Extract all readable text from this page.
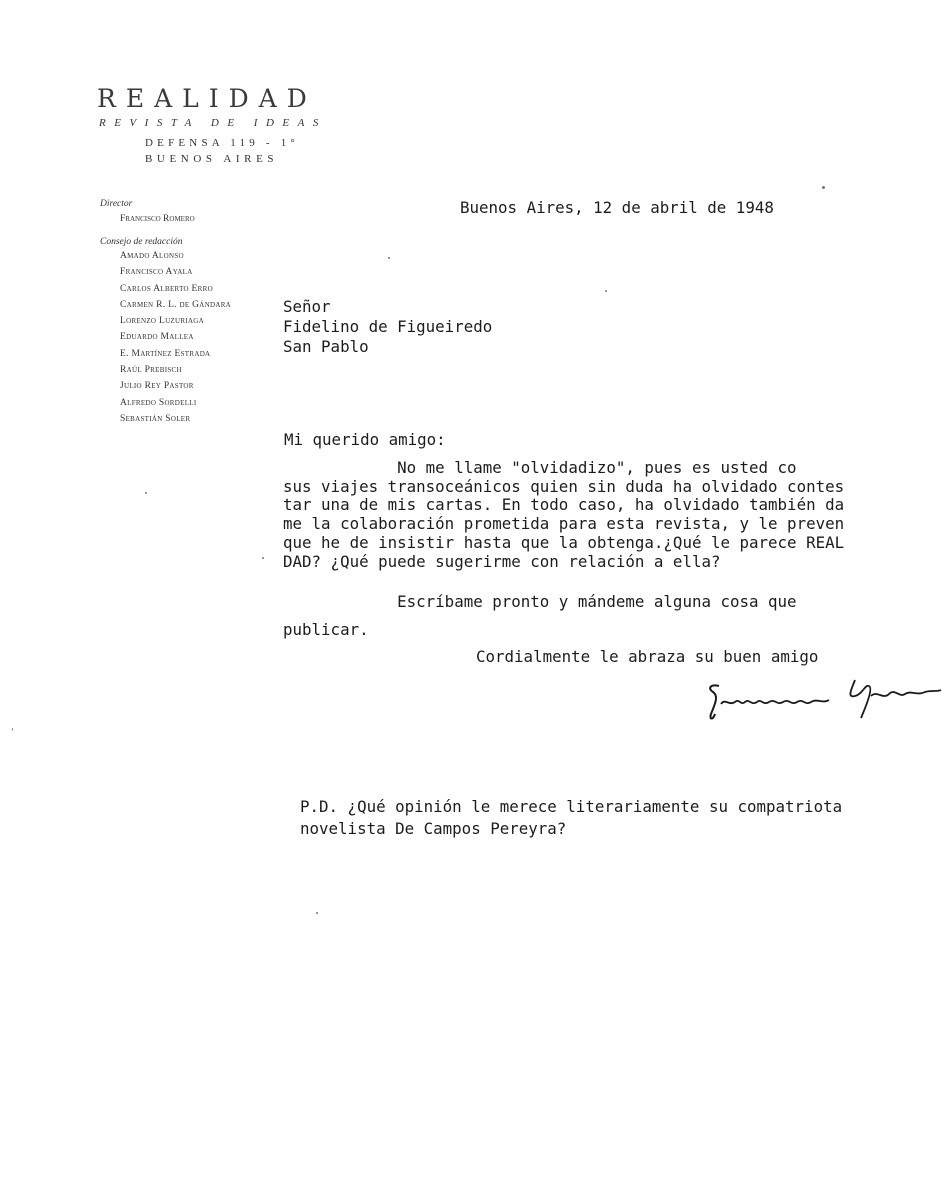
REALIDAD
REVISTA DE IDEAS
DEFENSA 119 - 1°
BUENOS AIRES
Director
Francisco Romero
Consejo de redacción
Amado Alonso
Francisco Ayala
Carlos Alberto Erro
Carmen R. L. de Gándara
Lorenzo Luzuriaga
Eduardo Mallea
E. Martínez Estrada
Raúl Prebisch
Julio Rey Pastor
Alfredo Sordelli
Sebastián Soler
Buenos Aires, 12 de abril de 1948
Señor
Fidelino de Figueiredo
San Pablo
Mi querido amigo:
No me llame "olvidadizo", pues es usted co
sus viajes transoceánicos quien sin duda ha olvidado contes
tar una de mis cartas. En todo caso, ha olvidado también da
me la colaboración prometida para esta revista, y le preven
que he de insistir hasta que la obtenga.¿Qué le parece REAL
DAD? ¿Qué puede sugerirme con relación a ella?
Escríbame pronto y mándeme alguna cosa que
publicar.
Cordialmente le abraza su buen amigo
P.D. ¿Qué opinión le merece literariamente su compatriota
novelista De Campos Pereyra?
